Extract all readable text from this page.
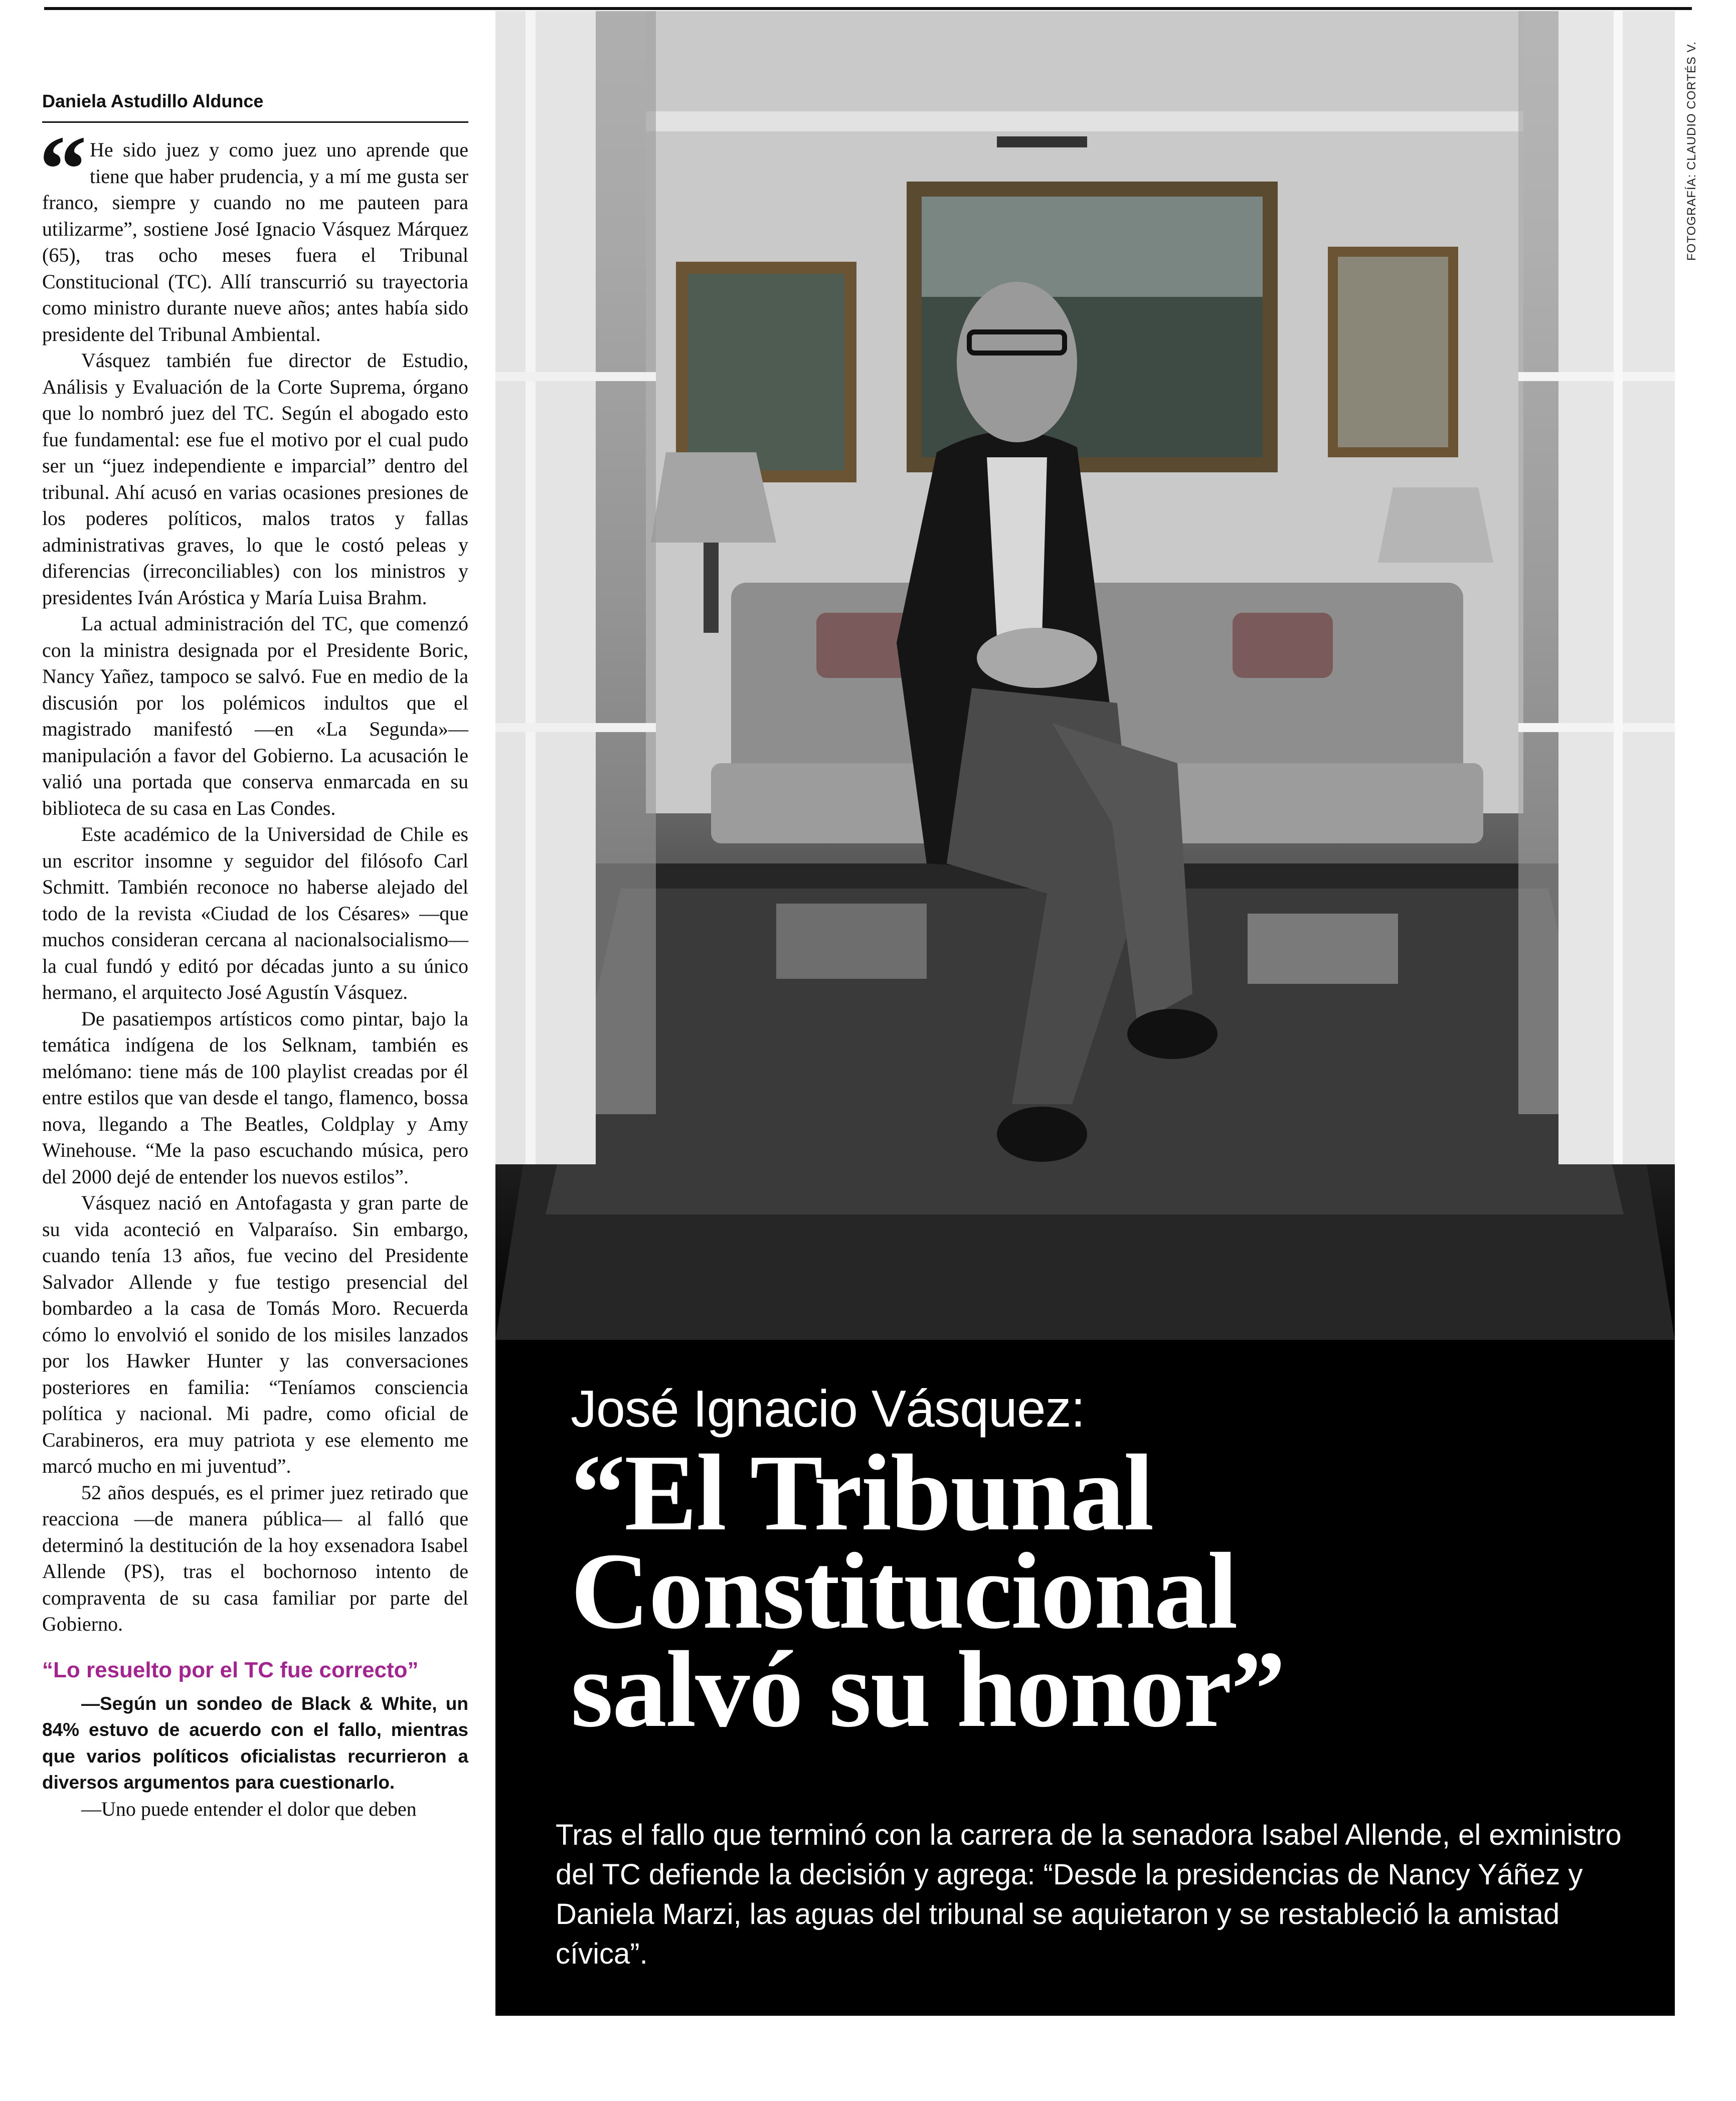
Daniela Astudillo Aldunce

“ He sido juez y como juez uno aprende que tiene que haber prudencia, y a mí me gusta ser franco, siempre y cuando no me pauteen para utilizarme”, sostiene José Ignacio Vásquez Márquez (65), tras ocho meses fuera el Tribunal Constitucional (TC). Allí transcurrió su trayectoria como ministro durante nueve años; antes había sido presidente del Tribunal Ambiental.

Vásquez también fue director de Estudio, Análisis y Evaluación de la Corte Suprema, órgano que lo nombró juez del TC. Según el abogado esto fue fundamental: ese fue el motivo por el cual pudo ser un “juez independiente e imparcial” dentro del tribunal. Ahí acusó en varias ocasiones presiones de los poderes políticos, malos tratos y fallas administrativas graves, lo que le costó peleas y diferencias (irreconciliables) con los ministros y presidentes Iván Aróstica y María Luisa Brahm.

La actual administración del TC, que comenzó con la ministra designada por el Presidente Boric, Nancy Yañez, tampoco se salvó. Fue en medio de la discusión por los polémicos indultos que el magistrado manifestó —en «La Segunda»— manipulación a favor del Gobierno. La acusación le valió una portada que conserva enmarcada en su biblioteca de su casa en Las Condes.

Este académico de la Universidad de Chile es un escritor insomne y seguidor del filósofo Carl Schmitt. También reconoce no haberse alejado del todo de la revista «Ciudad de los Césares» —que muchos consideran cercana al nacionalsocialismo— la cual fundó y editó por décadas junto a su único hermano, el arquitecto José Agustín Vásquez.

De pasatiempos artísticos como pintar, bajo la temática indígena de los Selknam, también es melómano: tiene más de 100 playlist creadas por él entre estilos que van desde el tango, flamenco, bossa nova, llegando a The Beatles, Coldplay y Amy Winehouse. “Me la paso escuchando música, pero del 2000 dejé de entender los nuevos estilos”.

Vásquez nació en Antofagasta y gran parte de su vida aconteció en Valparaíso. Sin embargo, cuando tenía 13 años, fue vecino del Presidente Salvador Allende y fue testigo presencial del bombardeo a la casa de Tomás Moro. Recuerda cómo lo envolvió el sonido de los misiles lanzados por los Hawker Hunter y las conversaciones posteriores en familia: “Teníamos consciencia política y nacional. Mi padre, como oficial de Carabineros, era muy patriota y ese elemento me marcó mucho en mi juventud”.

52 años después, es el primer juez retirado que reacciona —de manera pública— al falló que determinó la destitución de la hoy exsenadora Isabel Allende (PS), tras el bochornoso intento de compraventa de su casa familiar por parte del Gobierno.

“Lo resuelto por el TC fue correcto”

—Según un sondeo de Black & White, un 84% estuvo de acuerdo con el fallo, mientras que varios políticos oficialistas recurrieron a diversos argumentos para cuestionarlo.

—Uno puede entender el dolor que deben

FOTOGRAFÍA: CLAUDIO CORTÉS V.
José Ignacio Vásquez:
“El Tribunal
Constitucional
salvó su honor”
Tras el fallo que terminó con la carrera de la senadora Isabel Allende, el exministro del TC defiende la decisión y agrega: “Desde la presidencias de Nancy Yáñez y Daniela Marzi, las aguas del tribunal se aquietaron y se restableció la amistad cívica”.
